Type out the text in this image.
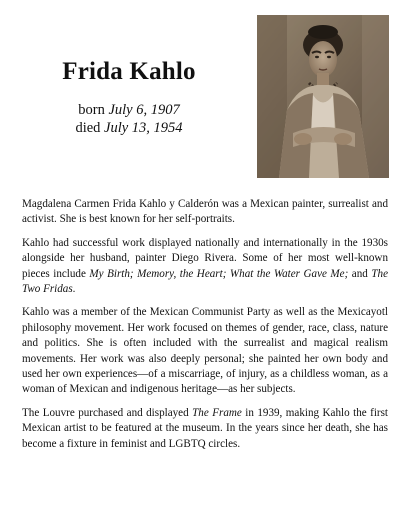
Frida Kahlo
born July 6, 1907
died July 13, 1954

Magdalena Carmen Frida Kahlo y Calderón was a Mexican painter, surrealist and activist. She is best known for her self-portraits.

Kahlo had successful work displayed nationally and internationally in the 1930s alongside her husband, painter Diego Rivera. Some of her most well-known pieces include My Birth; Memory, the Heart; What the Water Gave Me; and The Two Fridas.

Kahlo was a member of the Mexican Communist Party as well as the Mexicayotl philosophy movement. Her work focused on themes of gender, race, class, nature and politics. She is often included with the surrealist and magical realism movements. Her work was also deeply personal; she painted her own body and used her own experiences—of a miscarriage, of injury, as a childless woman, as a woman of Mexican and indigenous heritage—as her subjects.

The Louvre purchased and displayed The Frame in 1939, making Kahlo the first Mexican artist to be featured at the museum. In the years since her death, she has become a fixture in feminist and LGBTQ circles.
